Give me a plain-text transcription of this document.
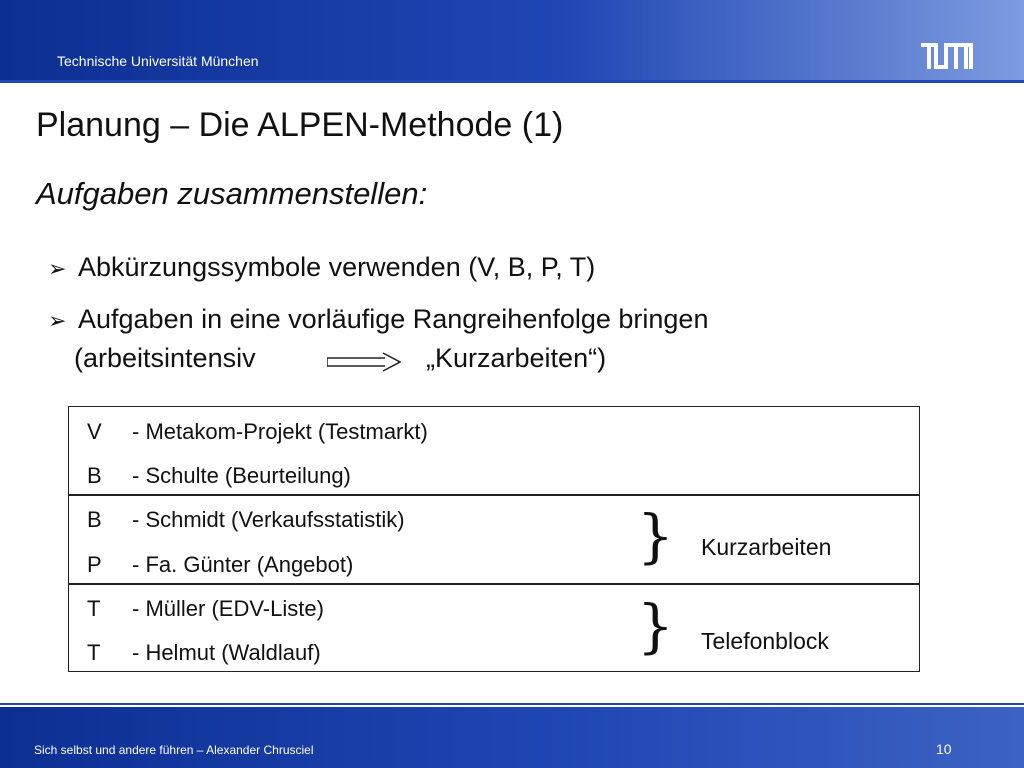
Technische Universität München
Planung – Die ALPEN-Methode (1)
Aufgaben zusammenstellen:
➢ Abkürzungssymbole verwenden (V, B, P, T)
➢ Aufgaben in eine vorläufige Rangreihenfolge bringen
(arbeitsintensiv	„Kurzarbeiten“)
V - Metakom-Projekt (Testmarkt)
B - Schulte (Beurteilung)
B - Schmidt (Verkaufsstatistik)
P - Fa. Günter (Angebot)
T - Müller (EDV-Liste)
T - Helmut (Waldlauf)
} Kurzarbeiten
} Telefonblock
Sich selbst und andere führen – Alexander Chrusciel	10
